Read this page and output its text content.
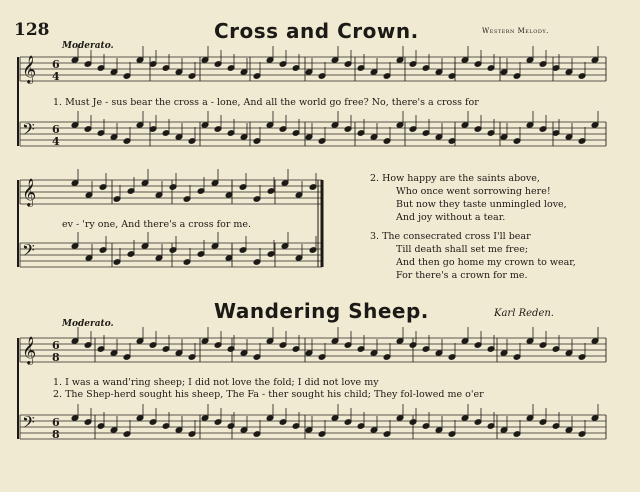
128	Cross and Crown.	Western Melody.
Moderato.
𝄞
𝄢
𝄞
𝄢
𝄞
𝄢
6
4
6
4
6
8
6
8
1. Must Je - sus bear the cross a - lone, And all the world go free? No, there's a cross for
ev - 'ry one, And there's a cross for me.
2. How happy are the saints above,
Who once went sorrowing here!
But now they taste unmingled love,
And joy without a tear.
3. The consecrated cross I'll bear
Till death shall set me free;
And then go home my crown to wear,
For there's a crown for me.
Wandering Sheep.	Karl Reden.
Moderato.
1. I was a wand'ring sheep; I did not love the fold; I did not love my
2. The Shep-herd sought his sheep, The Fa - ther sought his child; They fol-lowed me o'er
